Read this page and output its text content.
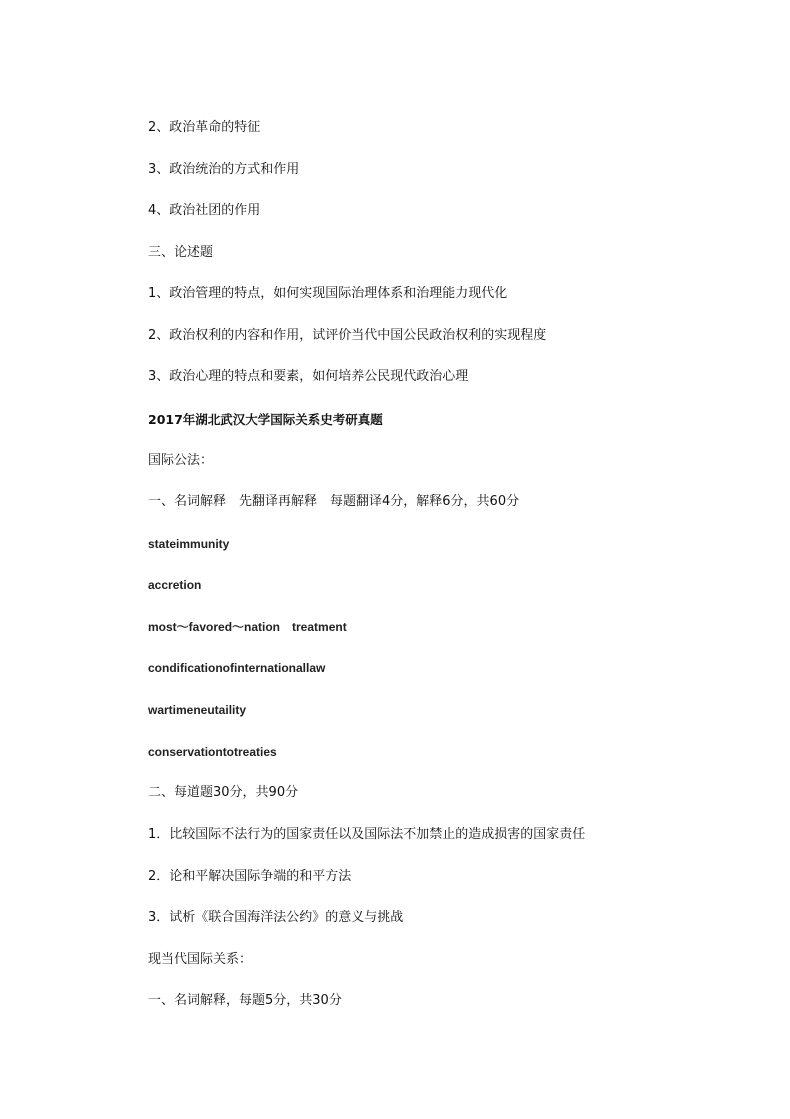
2、政治革命的特征
3、政治统治的方式和作用
4、政治社团的作用
三、论述题
1、政治管理的特点，如何实现国际治理体系和治理能力现代化
2、政治权利的内容和作用，试评价当代中国公民政治权利的实现程度
3、政治心理的特点和要素，如何培养公民现代政治心理
2017年湖北武汉大学国际关系史考研真题
国际公法：
一、名词解释　先翻译再解释　每题翻译4分，解释6分，共60分
stateimmunity
accretion
most～favored～nation　treatment
condificationofinternationallaw
wartimeneutaility
conservationtotreaties
二、每道题30分，共90分
1．比较国际不法行为的国家责任以及国际法不加禁止的造成损害的国家责任
2．论和平解决国际争端的和平方法
3．试析《联合国海洋法公约》的意义与挑战
现当代国际关系：
一、名词解释，每题5分，共30分
